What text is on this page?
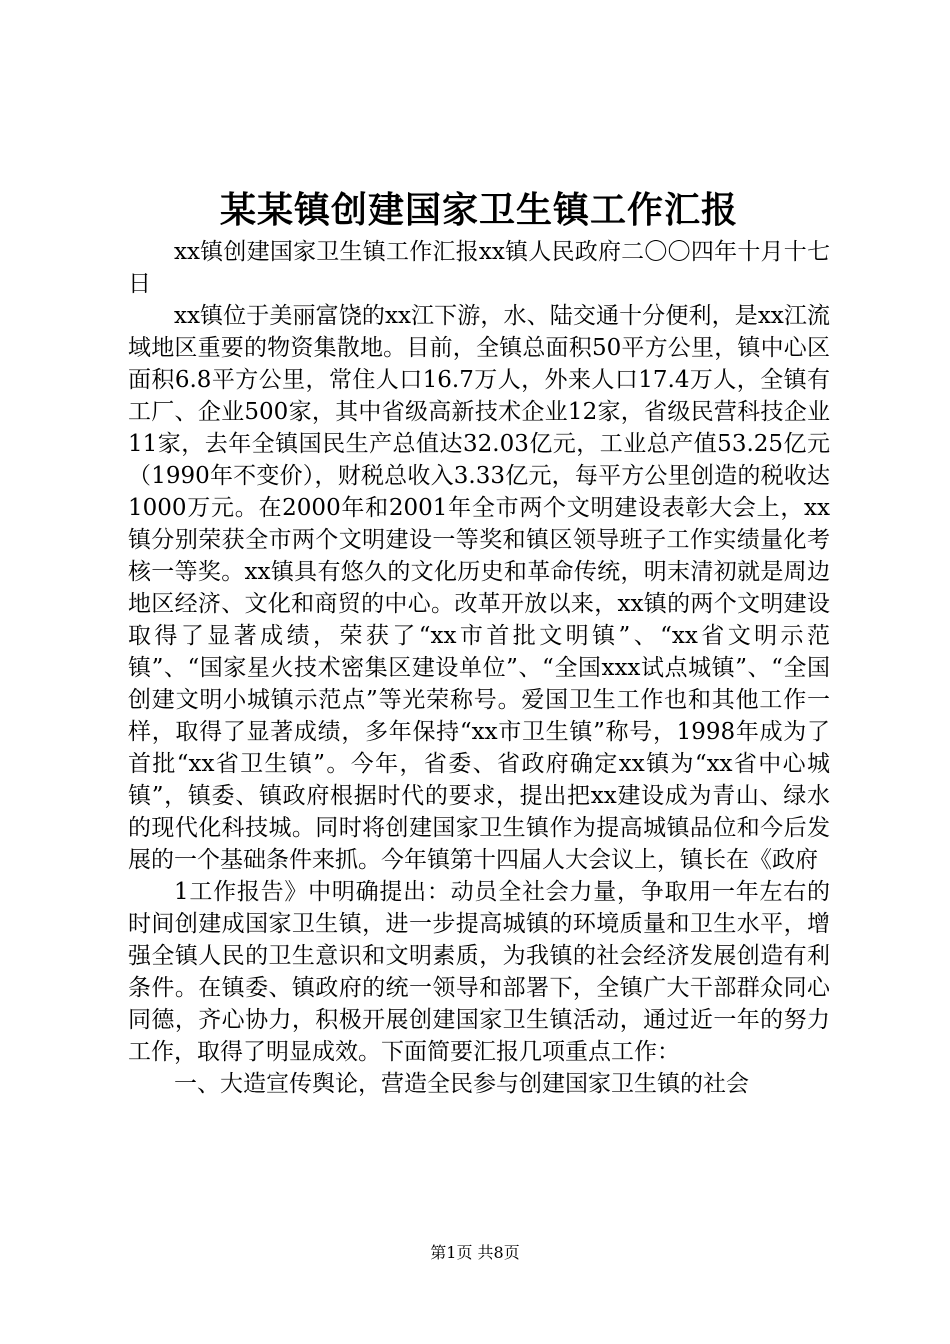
某某镇创建国家卫生镇工作汇报

xx镇创建国家卫生镇工作汇报xx镇人民政府二〇〇四年十月十七日

xx镇位于美丽富饶的xx江下游，水、陆交通十分便利，是xx江流域地区重要的物资集散地。目前，全镇总面积50平方公里，镇中心区面积6.8平方公里，常住人口16.7万人，外来人口17.4万人，全镇有工厂、企业500家，其中省级高新技术企业12家，省级民营科技企业11家，去年全镇国民生产总值达32.03亿元，工业总产值53.25亿元（1990年不变价），财税总收入3.33亿元，每平方公里创造的税收达1000万元。在2000年和2001年全市两个文明建设表彰大会上，xx镇分别荣获全市两个文明建设一等奖和镇区领导班子工作实绩量化考核一等奖。xx镇具有悠久的文化历史和革命传统，明末清初就是周边地区经济、文化和商贸的中心。改革开放以来，xx镇的两个文明建设取得了显著成绩，荣获了“xx市首批文明镇”、“xx省文明示范镇”、“国家星火技术密集区建设单位”、“全国xxx试点城镇”、“全国创建文明小城镇示范点”等光荣称号。爱国卫生工作也和其他工作一样，取得了显著成绩，多年保持“xx市卫生镇”称号，1998年成为了首批“xx省卫生镇”。今年，省委、省政府确定xx镇为“xx省中心城镇”，镇委、镇政府根据时代的要求，提出把xx建设成为青山、绿水的现代化科技城。同时将创建国家卫生镇作为提高城镇品位和今后发展的一个基础条件来抓。今年镇第十四届人大会议上，镇长在《政府

1工作报告》中明确提出：动员全社会力量，争取用一年左右的时间创建成国家卫生镇，进一步提高城镇的环境质量和卫生水平，增强全镇人民的卫生意识和文明素质，为我镇的社会经济发展创造有利条件。在镇委、镇政府的统一领导和部署下，全镇广大干部群众同心同德，齐心协力，积极开展创建国家卫生镇活动，通过近一年的努力工作，取得了明显成效。下面简要汇报几项重点工作：

一、大造宣传舆论，营造全民参与创建国家卫生镇的社会

第1页 共8页
